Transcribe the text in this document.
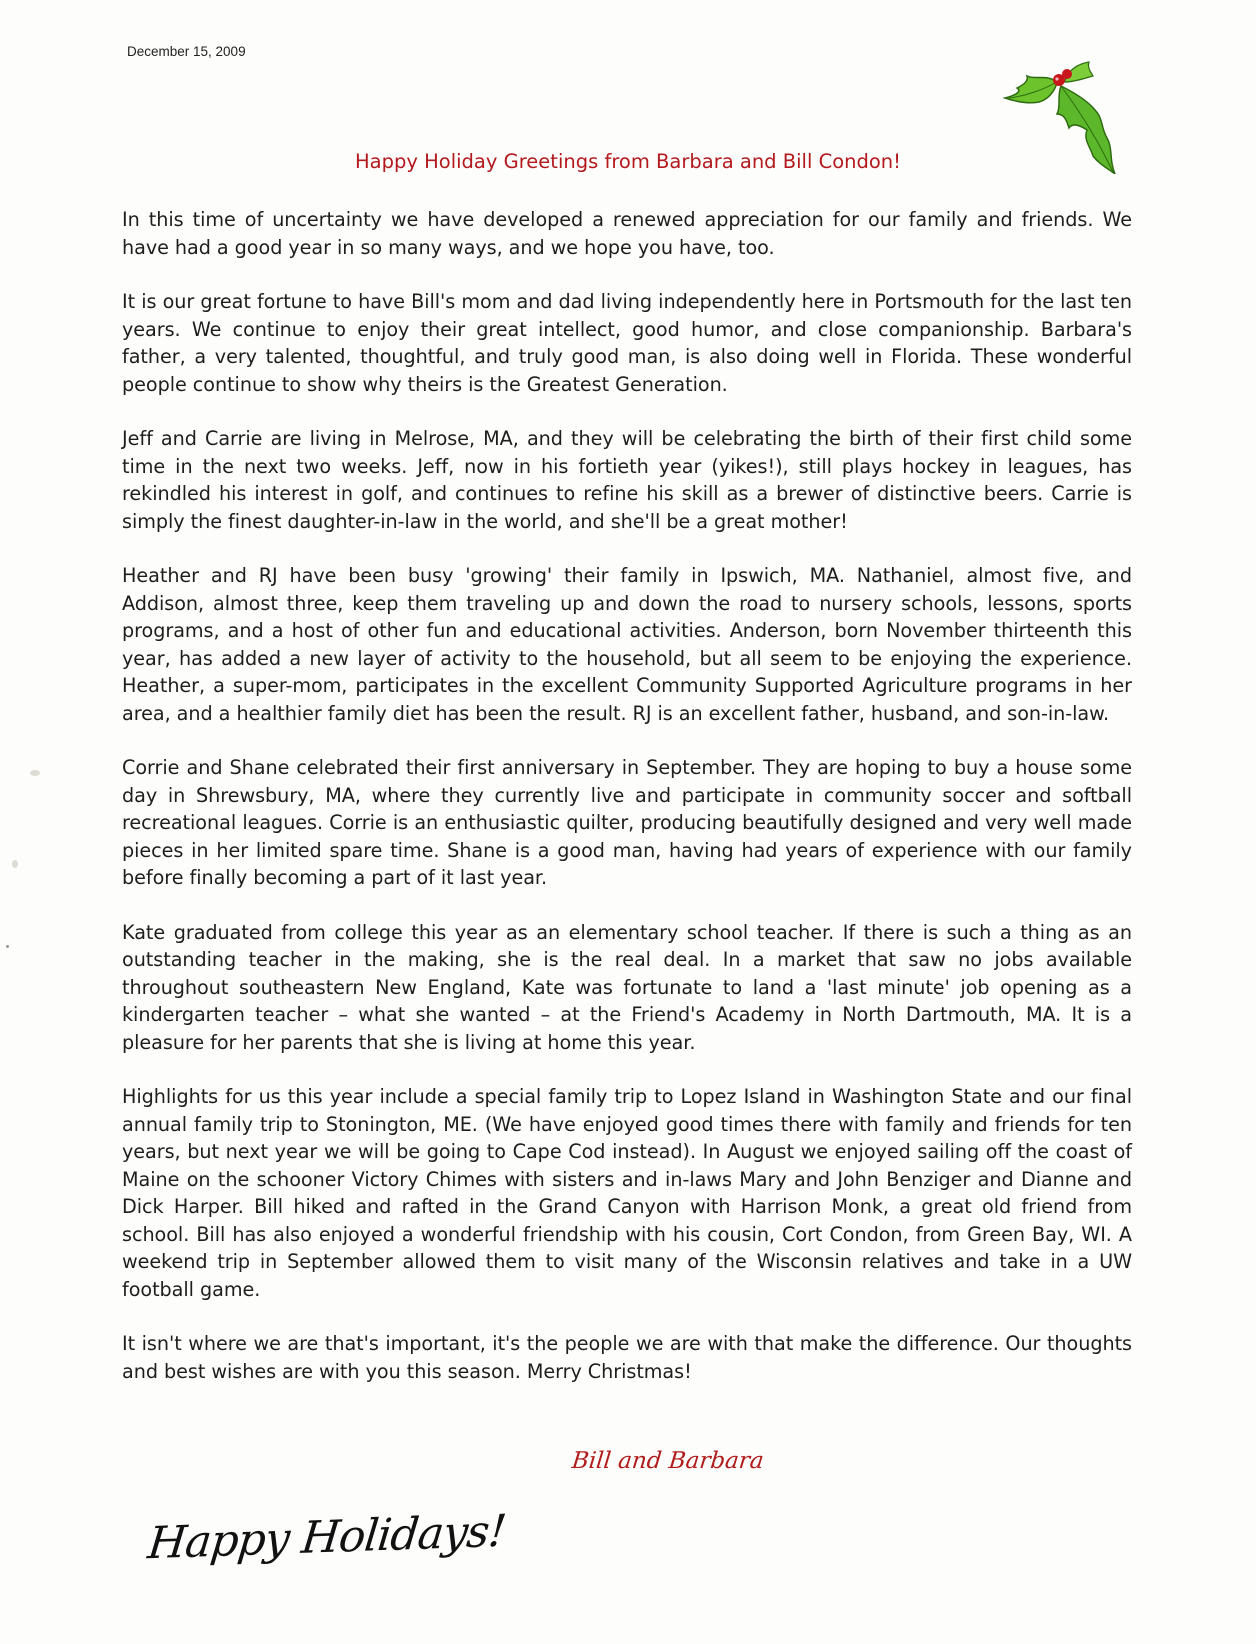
December 15, 2009
Happy Holiday Greetings from Barbara and Bill Condon!

In this time of uncertainty we have developed a renewed appreciation for our family and friends. We have had a good year in so many ways, and we hope you have, too.

It is our great fortune to have Bill's mom and dad living independently here in Portsmouth for the last ten years. We continue to enjoy their great intellect, good humor, and close companionship. Barbara's father, a very talented, thoughtful, and truly good man, is also doing well in Florida. These wonderful people continue to show why theirs is the Greatest Generation.

Jeff and Carrie are living in Melrose, MA, and they will be celebrating the birth of their first child some time in the next two weeks. Jeff, now in his fortieth year (yikes!), still plays hockey in leagues, has rekindled his interest in golf, and continues to refine his skill as a brewer of distinctive beers. Carrie is simply the finest daughter-in-law in the world, and she'll be a great mother!

Heather and RJ have been busy 'growing' their family in Ipswich, MA. Nathaniel, almost five, and Addison, almost three, keep them traveling up and down the road to nursery schools, lessons, sports programs, and a host of other fun and educational activities. Anderson, born November thirteenth this year, has added a new layer of activity to the household, but all seem to be enjoying the experience. Heather, a super-mom, participates in the excellent Community Supported Agriculture programs in her area, and a healthier family diet has been the result. RJ is an excellent father, husband, and son-in-law.

Corrie and Shane celebrated their first anniversary in September. They are hoping to buy a house some day in Shrewsbury, MA, where they currently live and participate in community soccer and softball recreational leagues. Corrie is an enthusiastic quilter, producing beautifully designed and very well made pieces in her limited spare time. Shane is a good man, having had years of experience with our family before finally becoming a part of it last year.

Kate graduated from college this year as an elementary school teacher. If there is such a thing as an outstanding teacher in the making, she is the real deal. In a market that saw no jobs available throughout southeastern New England, Kate was fortunate to land a 'last minute' job opening as a kindergarten teacher – what she wanted – at the Friend's Academy in North Dartmouth, MA. It is a pleasure for her parents that she is living at home this year.

Highlights for us this year include a special family trip to Lopez Island in Washington State and our final annual family trip to Stonington, ME. (We have enjoyed good times there with family and friends for ten years, but next year we will be going to Cape Cod instead). In August we enjoyed sailing off the coast of Maine on the schooner Victory Chimes with sisters and in-laws Mary and John Benziger and Dianne and Dick Harper. Bill hiked and rafted in the Grand Canyon with Harrison Monk, a great old friend from school. Bill has also enjoyed a wonderful friendship with his cousin, Cort Condon, from Green Bay, WI. A weekend trip in September allowed them to visit many of the Wisconsin relatives and take in a UW football game.

It isn't where we are that's important, it's the people we are with that make the difference. Our thoughts and best wishes are with you this season. Merry Christmas!

Bill and Barbara
Happy Holidays!
